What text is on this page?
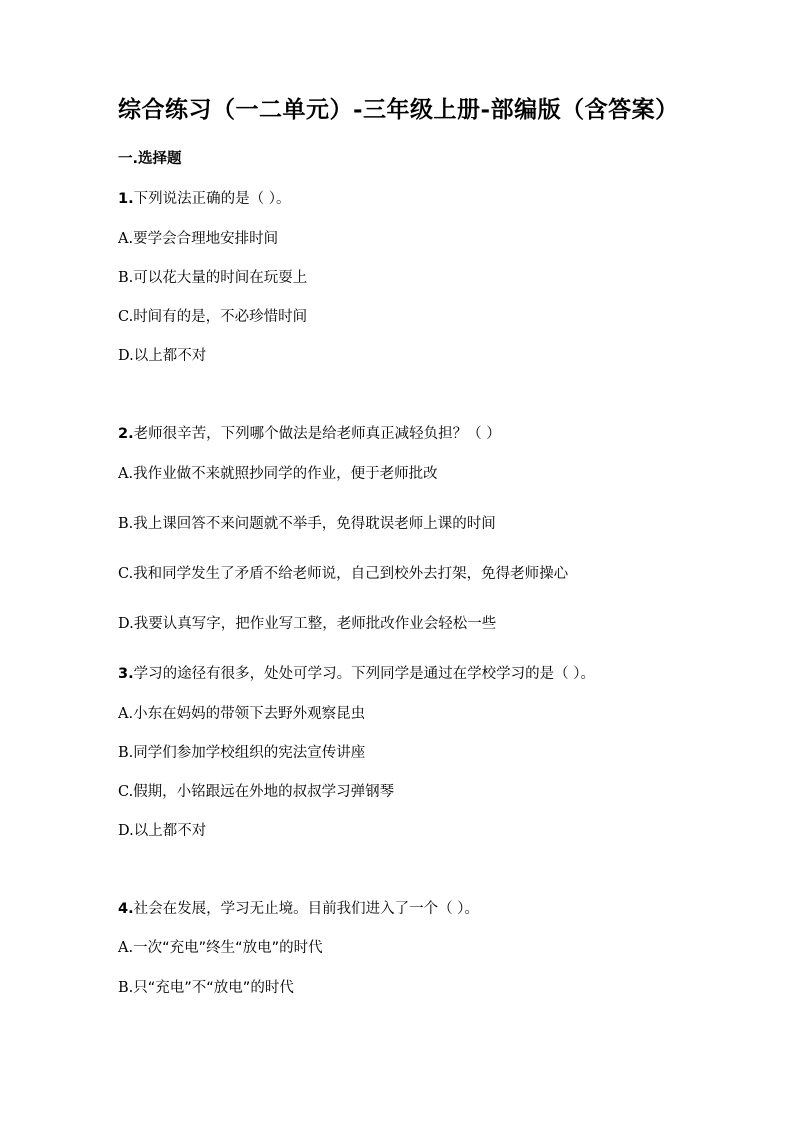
综合练习（一二单元）-三年级上册-部编版（含答案）
一.选择题
1.下列说法正确的是（ ）。
A.要学会合理地安排时间
B.可以花大量的时间在玩耍上
C.时间有的是，不必珍惜时间
D.以上都不对
2.老师很辛苦，下列哪个做法是给老师真正减轻负担？（ ）
A.我作业做不来就照抄同学的作业，便于老师批改
B.我上课回答不来问题就不举手，免得耽误老师上课的时间
C.我和同学发生了矛盾不给老师说，自己到校外去打架，免得老师操心
D.我要认真写字，把作业写工整，老师批改作业会轻松一些
3.学习的途径有很多，处处可学习。下列同学是通过在学校学习的是（ ）。
A.小东在妈妈的带领下去野外观察昆虫
B.同学们参加学校组织的宪法宣传讲座
C.假期，小铭跟远在外地的叔叔学习弹钢琴
D.以上都不对
4.社会在发展，学习无止境。目前我们进入了一个（ ）。
A.一次“充电”终生“放电”的时代
B.只“充电”不“放电”的时代
